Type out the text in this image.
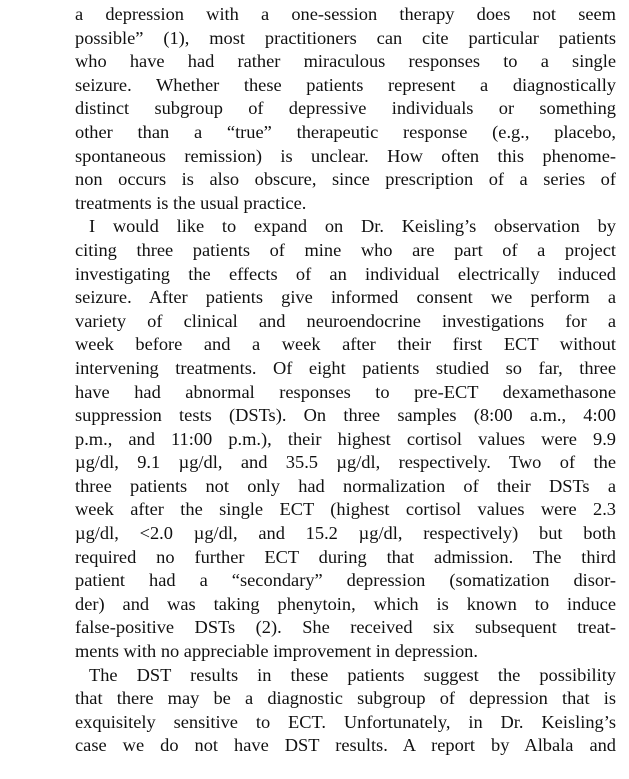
a depression with a one-session therapy does not seem
possible” (1), most practitioners can cite particular patients
who have had rather miraculous responses to a single
seizure. Whether these patients represent a diagnostically
distinct subgroup of depressive individuals or something
other than a “true” therapeutic response (e.g., placebo,
spontaneous remission) is unclear. How often this phenome-
non occurs is also obscure, since prescription of a series of
treatments is the usual practice.
I would like to expand on Dr. Keisling’s observation by
citing three patients of mine who are part of a project
investigating the effects of an individual electrically induced
seizure. After patients give informed consent we perform a
variety of clinical and neuroendocrine investigations for a
week before and a week after their first ECT without
intervening treatments. Of eight patients studied so far, three
have had abnormal responses to pre-ECT dexamethasone
suppression tests (DSTs). On three samples (8:00 a.m., 4:00
p.m., and 11:00 p.m.), their highest cortisol values were 9.9
µg/dl, 9.1 µg/dl, and 35.5 µg/dl, respectively. Two of the
three patients not only had normalization of their DSTs a
week after the single ECT (highest cortisol values were 2.3
µg/dl, <2.0 µg/dl, and 15.2 µg/dl, respectively) but both
required no further ECT during that admission. The third
patient had a “secondary” depression (somatization disor-
der) and was taking phenytoin, which is known to induce
false-positive DSTs (2). She received six subsequent treat-
ments with no appreciable improvement in depression.
The DST results in these patients suggest the possibility
that there may be a diagnostic subgroup of depression that is
exquisitely sensitive to ECT. Unfortunately, in Dr. Keisling’s
case we do not have DST results. A report by Albala and
